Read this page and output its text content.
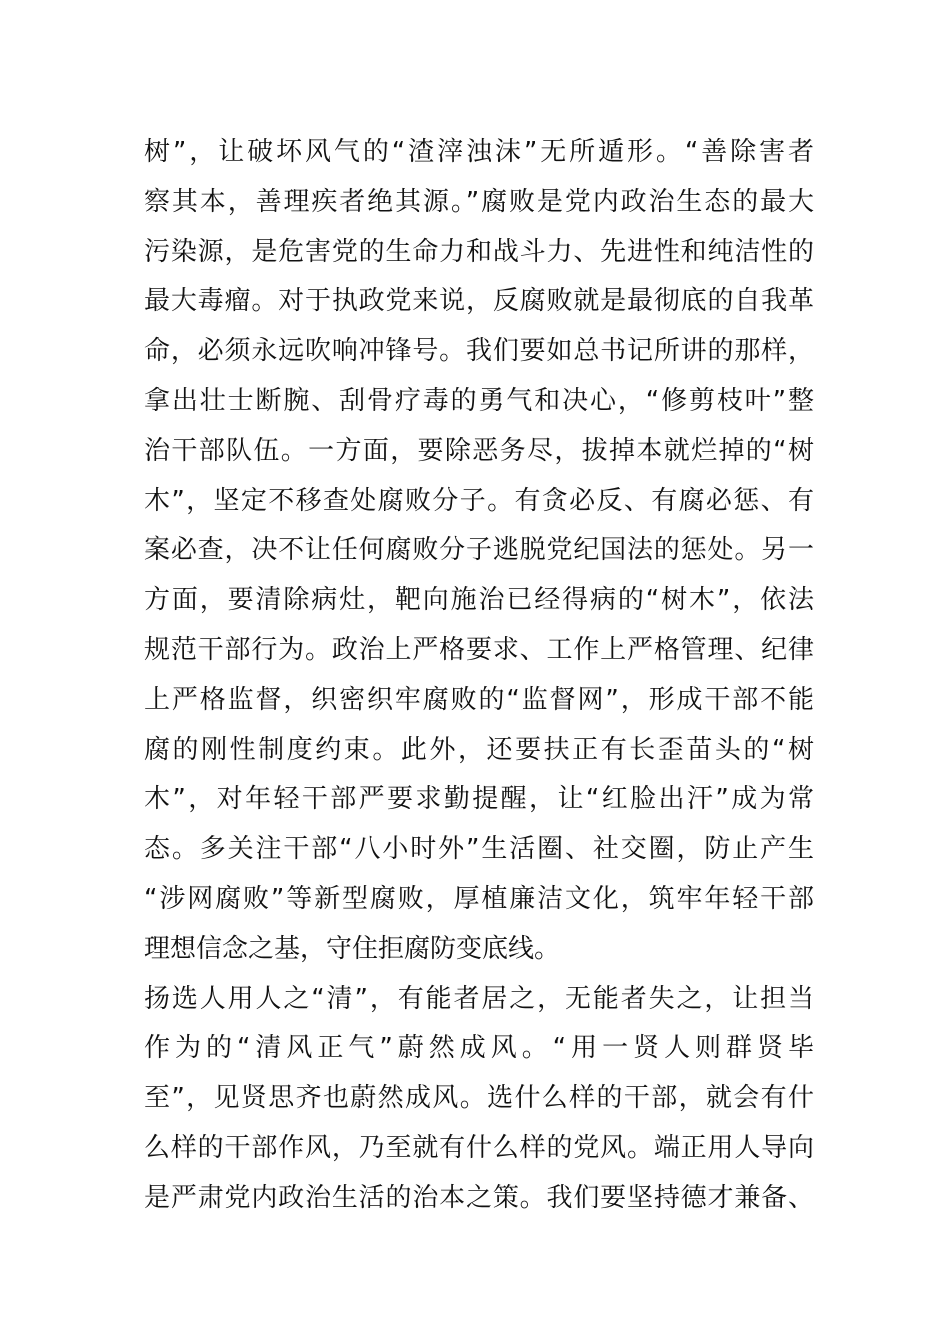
树”，让破坏风气的“渣滓浊沫”无所遁形。“善除害者
察其本，善理疾者绝其源。”腐败是党内政治生态的最大
污染源，是危害党的生命力和战斗力、先进性和纯洁性的
最大毒瘤。对于执政党来说，反腐败就是最彻底的自我革
命，必须永远吹响冲锋号。我们要如总书记所讲的那样，
拿出壮士断腕、刮骨疗毒的勇气和决心，“修剪枝叶”整
治干部队伍。一方面，要除恶务尽，拔掉本就烂掉的“树
木”，坚定不移查处腐败分子。有贪必反、有腐必惩、有
案必查，决不让任何腐败分子逃脱党纪国法的惩处。另一
方面，要清除病灶，靶向施治已经得病的“树木”，依法
规范干部行为。政治上严格要求、工作上严格管理、纪律
上严格监督，织密织牢腐败的“监督网”，形成干部不能
腐的刚性制度约束。此外，还要扶正有长歪苗头的“树
木”，对年轻干部严要求勤提醒，让“红脸出汗”成为常
态。多关注干部“八小时外”生活圈、社交圈，防止产生
“涉网腐败”等新型腐败，厚植廉洁文化，筑牢年轻干部
理想信念之基，守住拒腐防变底线。
扬选人用人之“清”，有能者居之，无能者失之，让担当
作为的“清风正气”蔚然成风。“用一贤人则群贤毕
至”，见贤思齐也蔚然成风。选什么样的干部，就会有什
么样的干部作风，乃至就有什么样的党风。端正用人导向
是严肃党内政治生活的治本之策。我们要坚持德才兼备、
